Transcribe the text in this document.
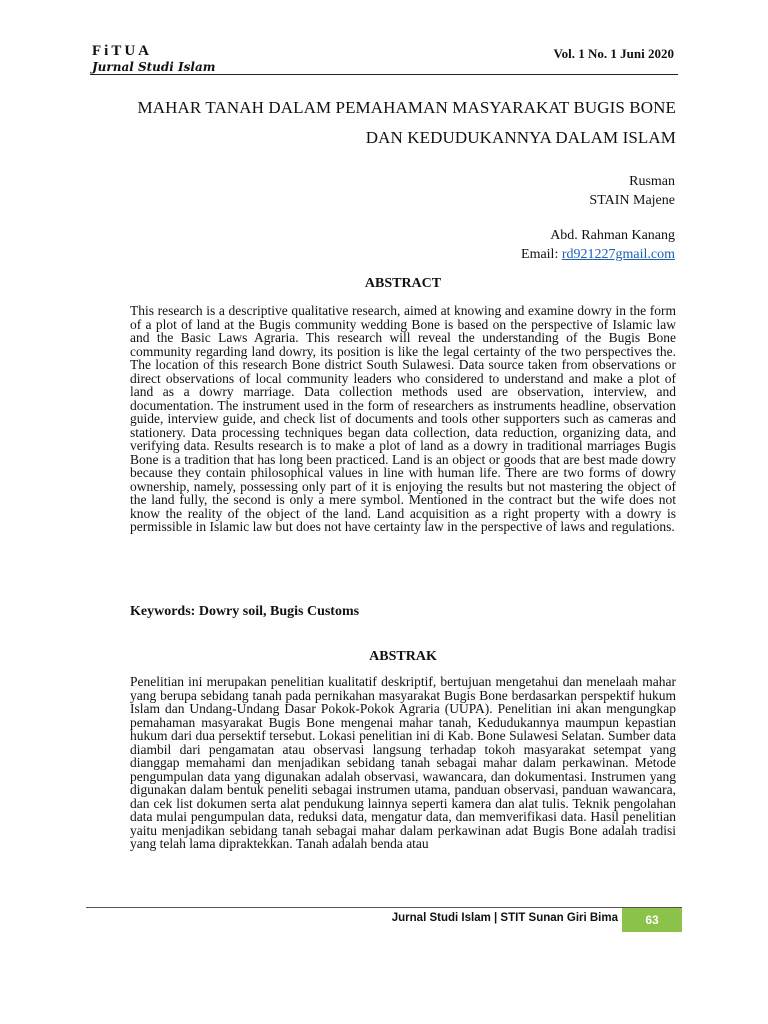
FiTUA
Jurnal Studi Islam
Vol. 1 No. 1 Juni 2020
MAHAR TANAH DALAM PEMAHAMAN MASYARAKAT BUGIS BONE
DAN KEDUDUKANNYA DALAM ISLAM
Rusman
STAIN Majene
Abd. Rahman Kanang
Email: rd921227gmail.com
ABSTRACT
This research is a descriptive qualitative research, aimed at knowing and examine dowry in the form of a plot of land at the Bugis community wedding Bone is based on the perspective of Islamic law and the Basic Laws Agraria. This research will reveal the understanding of the Bugis Bone community regarding land dowry, its position is like the legal certainty of the two perspectives the. The location of this research Bone district South Sulawesi. Data source taken from observations or direct observations of local community leaders who considered to understand and make a plot of land as a dowry marriage. Data collection methods used are observation, interview, and documentation. The instrument used in the form of researchers as instruments headline, observation guide, interview guide, and check list of documents and tools other supporters such as cameras and stationery. Data processing techniques began data collection, data reduction, organizing data, and verifying data. Results research is to make a plot of land as a dowry in traditional marriages Bugis Bone is a tradition that has long been practiced. Land is an object or goods that are best made dowry because they contain philosophical values in line with human life. There are two forms of dowry ownership, namely, possessing only part of it is enjoying the results but not mastering the object of the land fully, the second is only a mere symbol. Mentioned in the contract but the wife does not know the reality of the object of the land. Land acquisition as a right property with a dowry is permissible in Islamic law but does not have certainty law in the perspective of laws and regulations.
Keywords: Dowry soil, Bugis Customs
ABSTRAK
Penelitian ini merupakan penelitian kualitatif deskriptif, bertujuan mengetahui dan menelaah mahar yang berupa sebidang tanah pada pernikahan masyarakat Bugis Bone berdasarkan perspektif hukum Islam dan Undang-Undang Dasar Pokok-Pokok Agraria (UUPA). Penelitian ini akan mengungkap pemahaman masyarakat Bugis Bone mengenai mahar tanah, Kedudukannya maumpun kepastian hukum dari dua persektif tersebut. Lokasi penelitian ini di Kab. Bone Sulawesi Selatan. Sumber data diambil dari pengamatan atau observasi langsung terhadap tokoh masyarakat setempat yang dianggap memahami dan menjadikan sebidang tanah sebagai mahar dalam perkawinan. Metode pengumpulan data yang digunakan adalah observasi, wawancara, dan dokumentasi. Instrumen yang digunakan dalam bentuk peneliti sebagai instrumen utama, panduan observasi, panduan wawancara, dan cek list dokumen serta alat pendukung lainnya seperti kamera dan alat tulis. Teknik pengolahan data mulai pengumpulan data, reduksi data, mengatur data, dan memverifikasi data. Hasil penelitian yaitu menjadikan sebidang tanah sebagai mahar dalam perkawinan adat Bugis Bone adalah tradisi yang telah lama dipraktekkan. Tanah adalah benda atau
Jurnal Studi Islam | STIT Sunan Giri Bima	63
